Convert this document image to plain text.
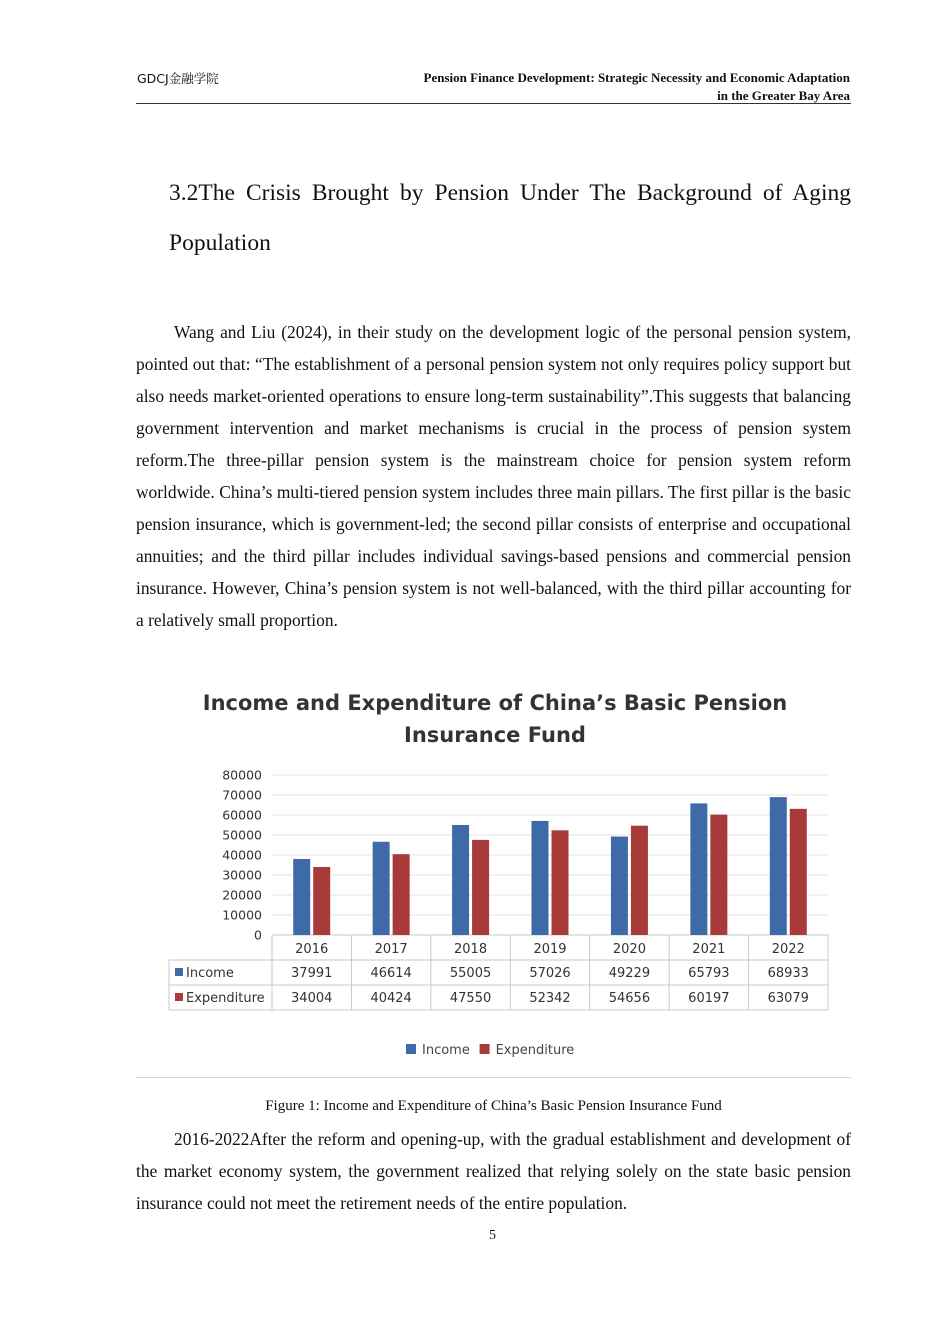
GDCJ金融学院	Pension Finance Development: Strategic Necessity and Economic Adaptation
in the Greater Bay Area
3.2The Crisis Brought by Pension Under The Background of Aging Population

Wang and Liu (2024), in their study on the development logic of the personal pension system, pointed out that: “The establishment of a personal pension system not only requires policy support but also needs market-oriented operations to ensure long-term sustainability”.This suggests that balancing government intervention and market mechanisms is crucial in the process of pension system reform.The three-pillar pension system is the mainstream choice for pension system reform worldwide. China’s multi-tiered pension system includes three main pillars. The first pillar is the basic pension insurance, which is government-led; the second pillar consists of enterprise and occupational annuities; and the third pillar includes individual savings-based pensions and commercial pension insurance. However, China’s pension system is not well-balanced, with the third pillar accounting for a relatively small proportion.

Income and Expenditure of China’s Basic Pension
Insurance Fund
80000
70000
60000
50000
40000
30000
20000
10000
0
2016	2017	2018	2019	2020	2021	2022
Income	37991	46614	55005	57026	49229	65793	68933
Expenditure 34004	40424	47550	52342	54656	60197	63079
Income Expenditure
Figure 1: Income and Expenditure of China’s Basic Pension Insurance Fund

2016-2022After the reform and opening-up, with the gradual establishment and development of the market economy system, the government realized that relying solely on the state basic pension insurance could not meet the retirement needs of the entire population.

5
